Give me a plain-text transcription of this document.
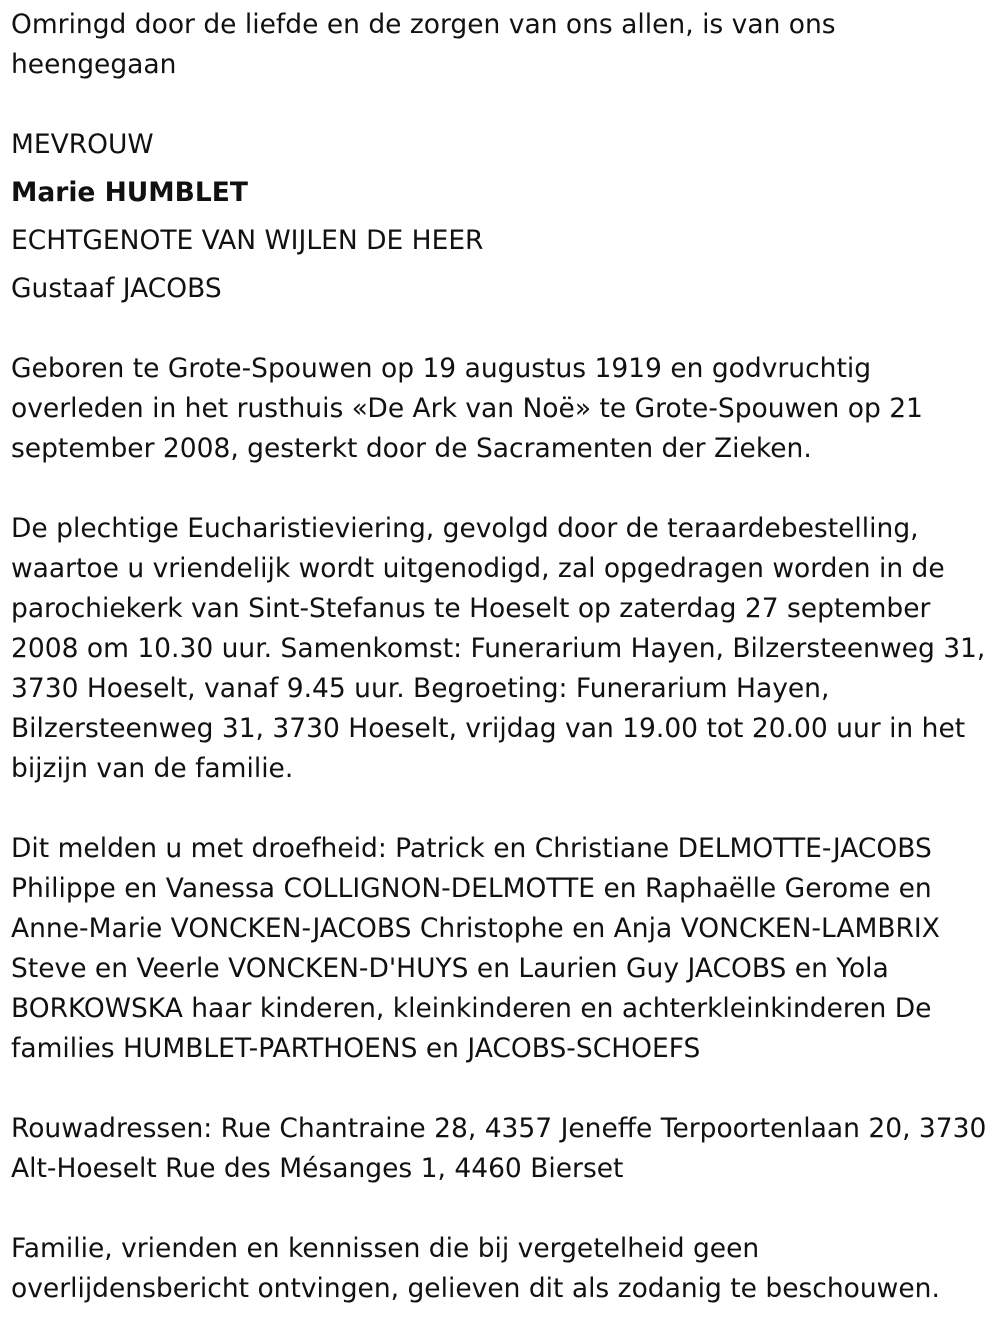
Omringd door de liefde en de zorgen van ons allen, is van ons
heengegaan

MEVROUW

Marie HUMBLET

ECHTGENOTE VAN WIJLEN DE HEER

Gustaaf JACOBS

Geboren te Grote-Spouwen op 19 augustus 1919 en godvruchtig
overleden in het rusthuis «De Ark van Noë» te Grote-Spouwen op 21
september 2008, gesterkt door de Sacramenten der Zieken.

De plechtige Eucharistieviering, gevolgd door de teraardebestelling,
waartoe u vriendelijk wordt uitgenodigd, zal opgedragen worden in de
parochiekerk van Sint-Stefanus te Hoeselt op zaterdag 27 september
2008 om 10.30 uur. Samenkomst: Funerarium Hayen, Bilzersteenweg 31,
3730 Hoeselt, vanaf 9.45 uur. Begroeting: Funerarium Hayen,
Bilzersteenweg 31, 3730 Hoeselt, vrijdag van 19.00 tot 20.00 uur in het
bijzijn van de familie.

Dit melden u met droefheid: Patrick en Christiane DELMOTTE-JACOBS
Philippe en Vanessa COLLIGNON-DELMOTTE en Raphaëlle Gerome en
Anne-Marie VONCKEN-JACOBS Christophe en Anja VONCKEN-LAMBRIX
Steve en Veerle VONCKEN-D'HUYS en Laurien Guy JACOBS en Yola
BORKOWSKA haar kinderen, kleinkinderen en achterkleinkinderen De
families HUMBLET-PARTHOENS en JACOBS-SCHOEFS

Rouwadressen: Rue Chantraine 28, 4357 Jeneffe Terpoortenlaan 20, 3730
Alt-Hoeselt Rue des Mésanges 1, 4460 Bierset

Familie, vrienden en kennissen die bij vergetelheid geen
overlijdensbericht ontvingen, gelieven dit als zodanig te beschouwen.
